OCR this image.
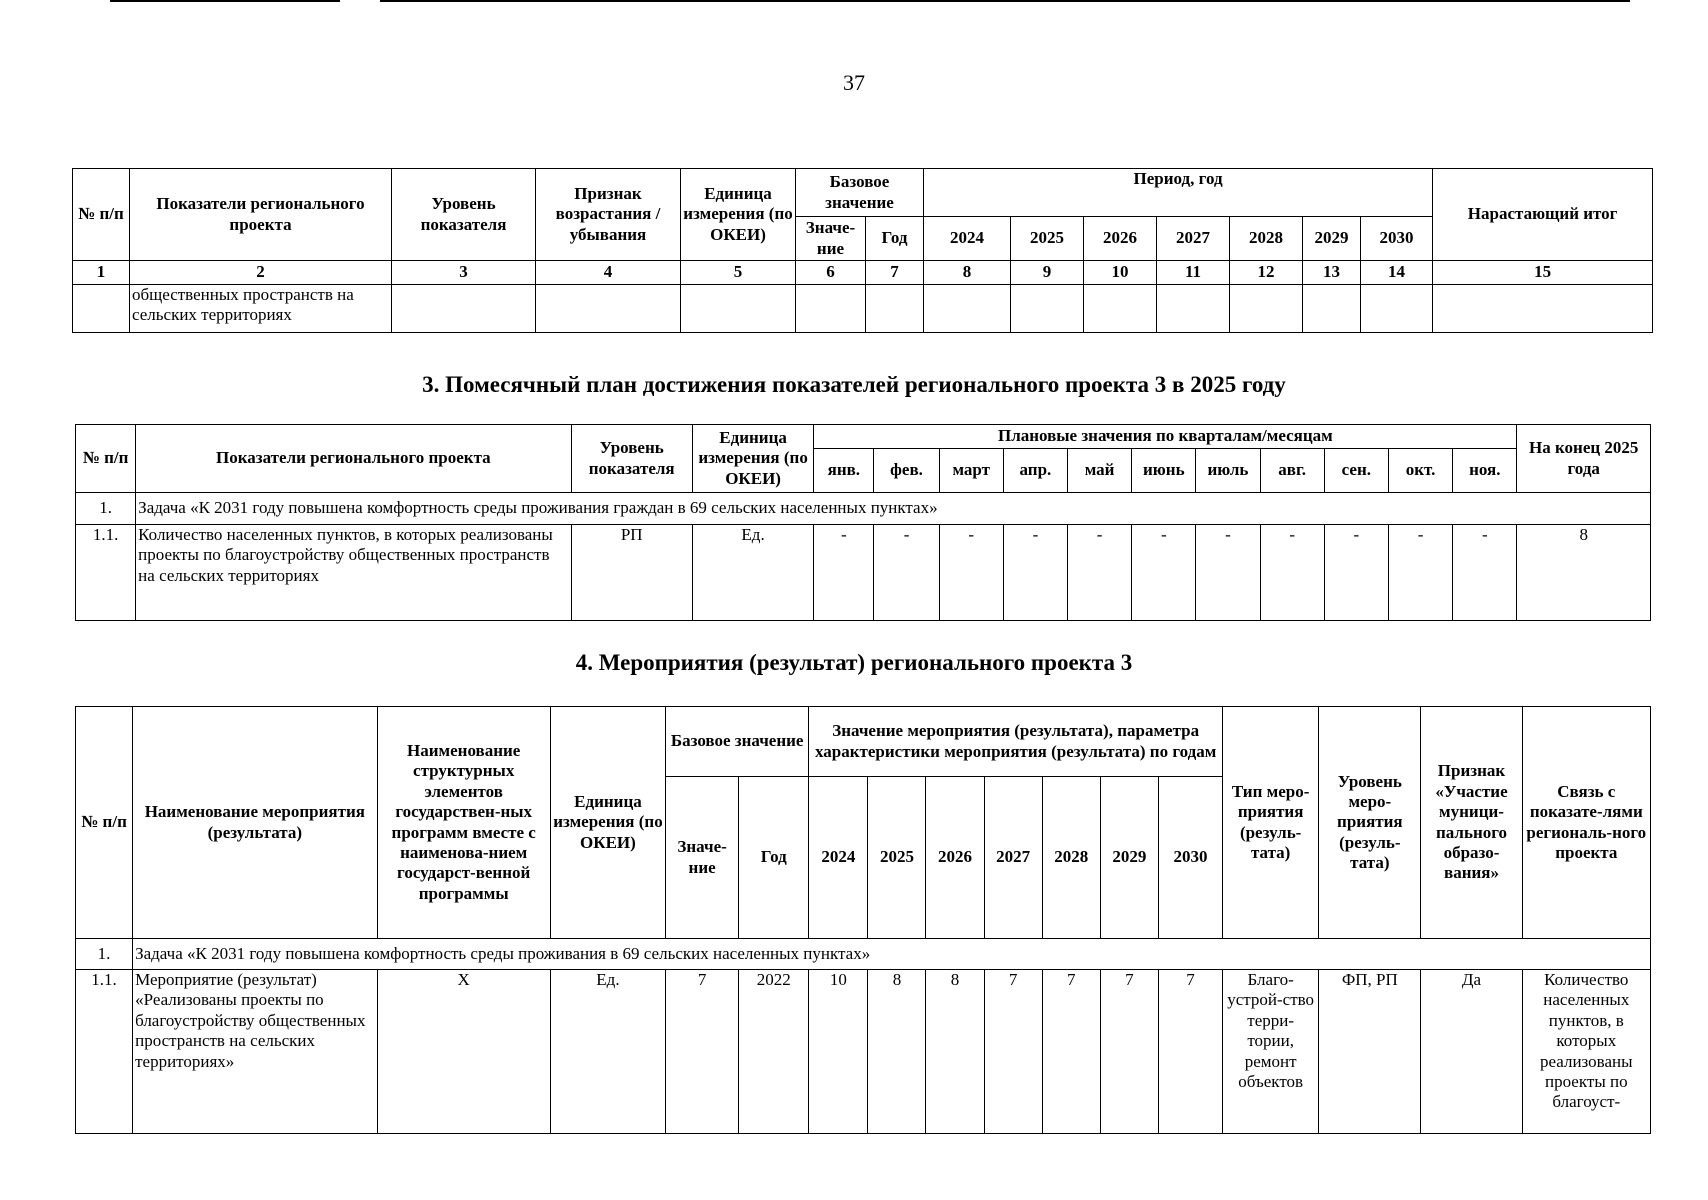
37
№ п/п	Показатели регионального проекта	Уровень показателя	Признак возрастания / убывания	Единица измерения (по ОКЕИ)	Базовое значение		Период, год							Нарастающий итог
					Значе-ние	Год	2024	2025	2026	2027	2028	2029	2030	
1	2	3	4	5	6	7	8	9	10	11	12	13	14	15
	общественных пространств на сельских территориях													
3. Помесячный план достижения показателей регионального проекта 3 в 2025 году
№ п/п	Показатели регионального проекта	Уровень показателя	Единица измерения (по ОКЕИ)	Плановые значения по кварталам/месяцам											На конец 2025 года
				янв.	фев.	март	апр.	май	июнь	июль	авг.	сен.	окт.	ноя.	
1.	Задача «К 2031 году повышена комфортность среды проживания граждан в 69 сельских населенных пунктах»														
1.1.	Количество населенных пунктов, в которых реализованы проекты по благоустройству общественных пространств на сельских территориях	РП	Ед.	-	-	-	-	-	-	-	-	-	-	-	8
4. Мероприятия (результат) регионального проекта 3
№ п/п	Наименование мероприятия (результата)	Наименование структурных элементов государствен-ных программ вместе с наименова-нием государст-венной программы	Единица измерения (по ОКЕИ)	Базовое значение		Значение мероприятия (результата), параметра характеристики мероприятия (результата) по годам							Тип меро-приятия (резуль-тата)	Уровень меро-приятия (резуль-тата)	Признак «Участие муници-пального образо-вания»	Связь с показате-лями региональ-ного проекта
				Значе-ние	Год	2024	2025	2026	2027	2028	2029	2030				
1.	Задача «К 2031 году повышена комфортность среды проживания в 69 сельских населенных пунктах»															
1.1.	Мероприятие (результат) «Реализованы проекты по благоустройству общественных пространств на сельских территориях»	Х	Ед.	7	2022	10	8	8	7	7	7	7	Благо-устрой-ство терри-тории, ремонт объектов	ФП, РП	Да	Количество населенных пунктов, в которых реализованы проекты по благоуст-
